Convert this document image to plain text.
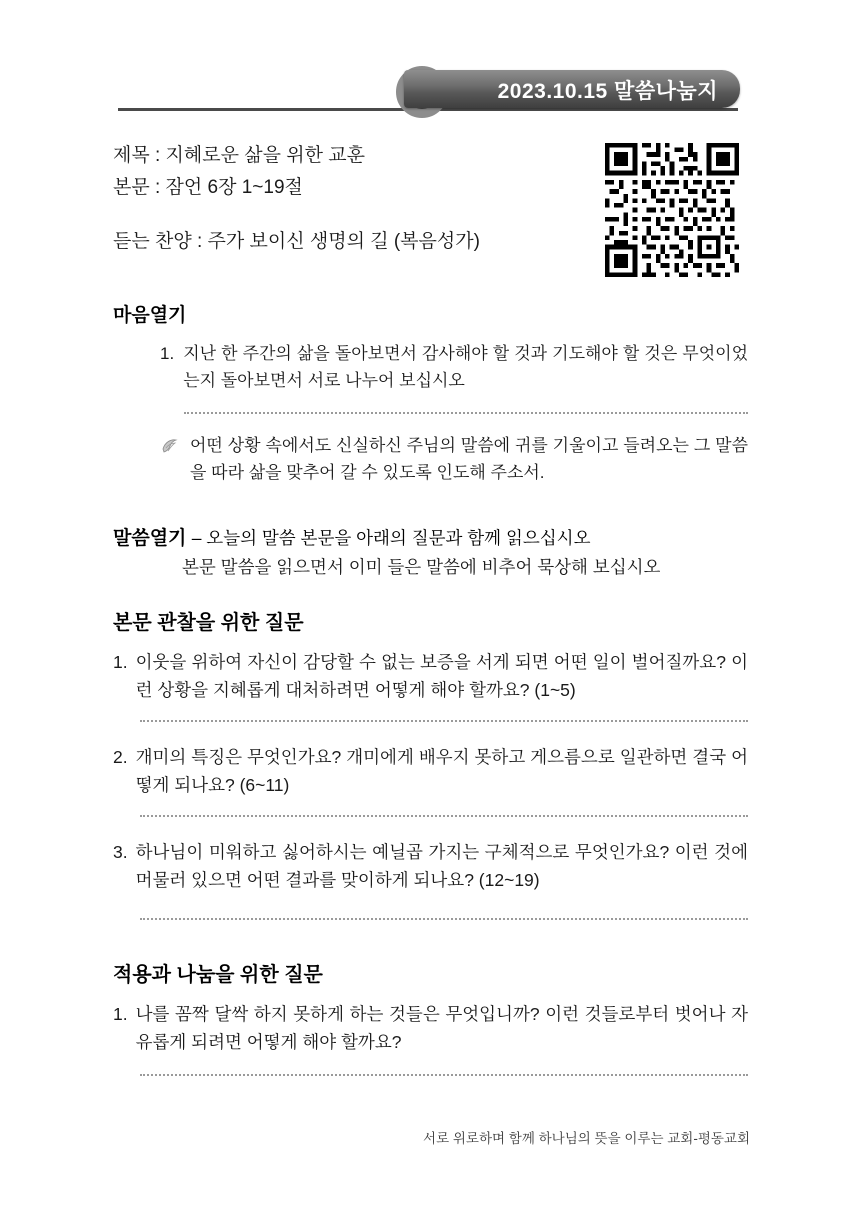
2023.10.15 말씀나눔지
제목 : 지혜로운 삶을 위한 교훈
본문 : 잠언 6장 1~19절
듣는 찬양 : 주가 보이신 생명의 길 (복음성가)
마음열기
1. 지난 한 주간의 삶을 돌아보면서 감사해야 할 것과 기도해야 할 것은 무엇이었는지 돌아보면서 서로 나누어 보십시오
어떤 상황 속에서도 신실하신 주님의 말씀에 귀를 기울이고 들려오는 그 말씀을 따라 삶을 맞추어 갈 수 있도록 인도해 주소서.
말씀열기 – 오늘의 말씀 본문을 아래의 질문과 함께 읽으십시오
본문 말씀을 읽으면서 이미 들은 말씀에 비추어 묵상해 보십시오
본문 관찰을 위한 질문
1. 이웃을 위하여 자신이 감당할 수 없는 보증을 서게 되면 어떤 일이 벌어질까요? 이런 상황을 지혜롭게 대처하려면 어떻게 해야 할까요? (1~5)
2. 개미의 특징은 무엇인가요? 개미에게 배우지 못하고 게으름으로 일관하면 결국 어떻게 되나요? (6~11)
3. 하나님이 미워하고 싫어하시는 예닐곱 가지는 구체적으로 무엇인가요? 이런 것에 머물러 있으면 어떤 결과를 맞이하게 되나요? (12~19)
적용과 나눔을 위한 질문
1. 나를 꼼짝 달싹 하지 못하게 하는 것들은 무엇입니까? 이런 것들로부터 벗어나 자유롭게 되려면 어떻게 해야 할까요?
서로 위로하며 함께 하나님의 뜻을 이루는 교회-평동교회
